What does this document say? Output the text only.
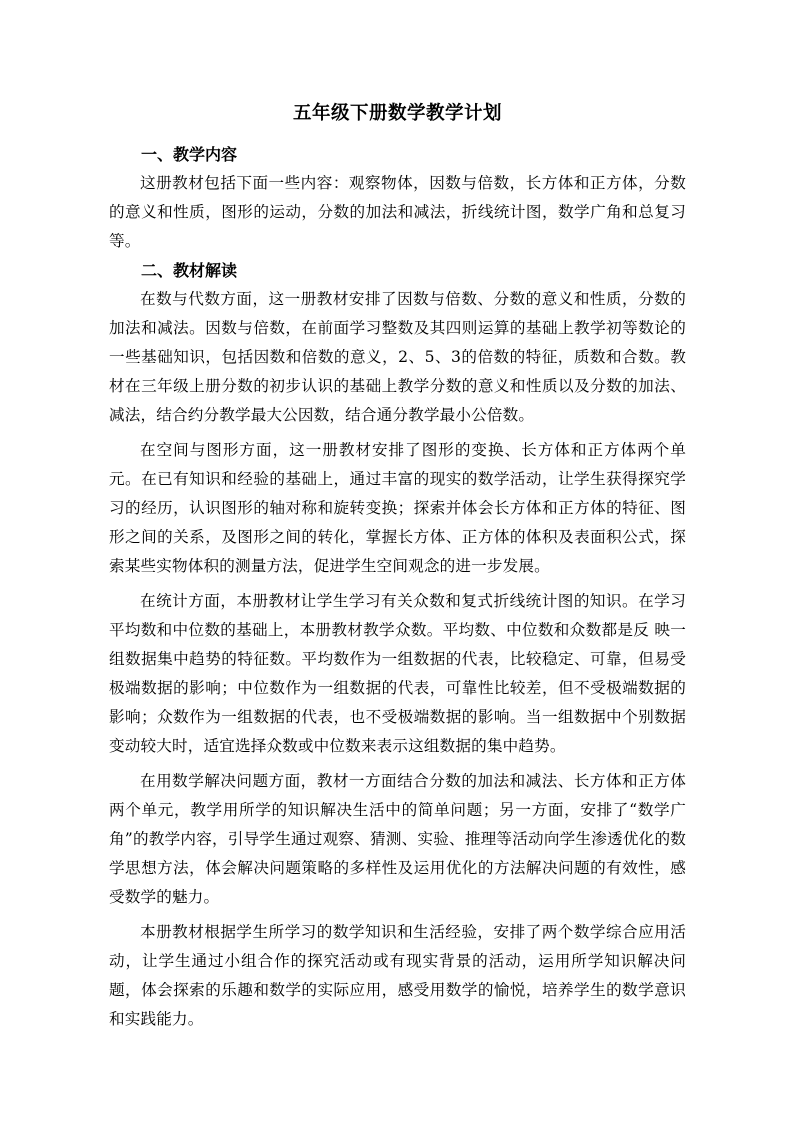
五年级下册数学教学计划
一、教学内容

这册教材包括下面一些内容：观察物体，因数与倍数，长方体和正方体，分数的意义和性质，图形的运动，分数的加法和减法，折线统计图，数学广角和总复习等。

二、教材解读

在数与代数方面，这一册教材安排了因数与倍数、分数的意义和性质，分数的加法和减法。因数与倍数，在前面学习整数及其四则运算的基础上教学初等数论的一些基础知识，包括因数和倍数的意义，2、5、3的倍数的特征，质数和合数。教材在三年级上册分数的初步认识的基础上教学分数的意义和性质以及分数的加法、减法，结合约分教学最大公因数，结合通分教学最小公倍数。

在空间与图形方面，这一册教材安排了图形的变换、长方体和正方体两个单元。在已有知识和经验的基础上，通过丰富的现实的数学活动，让学生获得探究学习的经历，认识图形的轴对称和旋转变换；探索并体会长方体和正方体的特征、图形之间的关系，及图形之间的转化，掌握长方体、正方体的体积及表面积公式，探索某些实物体积的测量方法，促进学生空间观念的进一步发展。

在统计方面，本册教材让学生学习有关众数和复式折线统计图的知识。在学习平均数和中位数的基础上，本册教材教学众数。平均数、中位数和众数都是反 映一组数据集中趋势的特征数。平均数作为一组数据的代表，比较稳定、可靠，但易受极端数据的影响；中位数作为一组数据的代表，可靠性比较差，但不受极端数据的影响；众数作为一组数据的代表，也不受极端数据的影响。当一组数据中个别数据变动较大时，适宜选择众数或中位数来表示这组数据的集中趋势。

在用数学解决问题方面，教材一方面结合分数的加法和减法、长方体和正方体两个单元，教学用所学的知识解决生活中的简单问题；另一方面，安排了“数学广角”的教学内容，引导学生通过观察、猜测、实验、推理等活动向学生渗透优化的数学思想方法，体会解决问题策略的多样性及运用优化的方法解决问题的有效性，感受数学的魅力。

本册教材根据学生所学习的数学知识和生活经验，安排了两个数学综合应用活动，让学生通过小组合作的探究活动或有现实背景的活动，运用所学知识解决问题，体会探索的乐趣和数学的实际应用，感受用数学的愉悦，培养学生的数学意识和实践能力。
